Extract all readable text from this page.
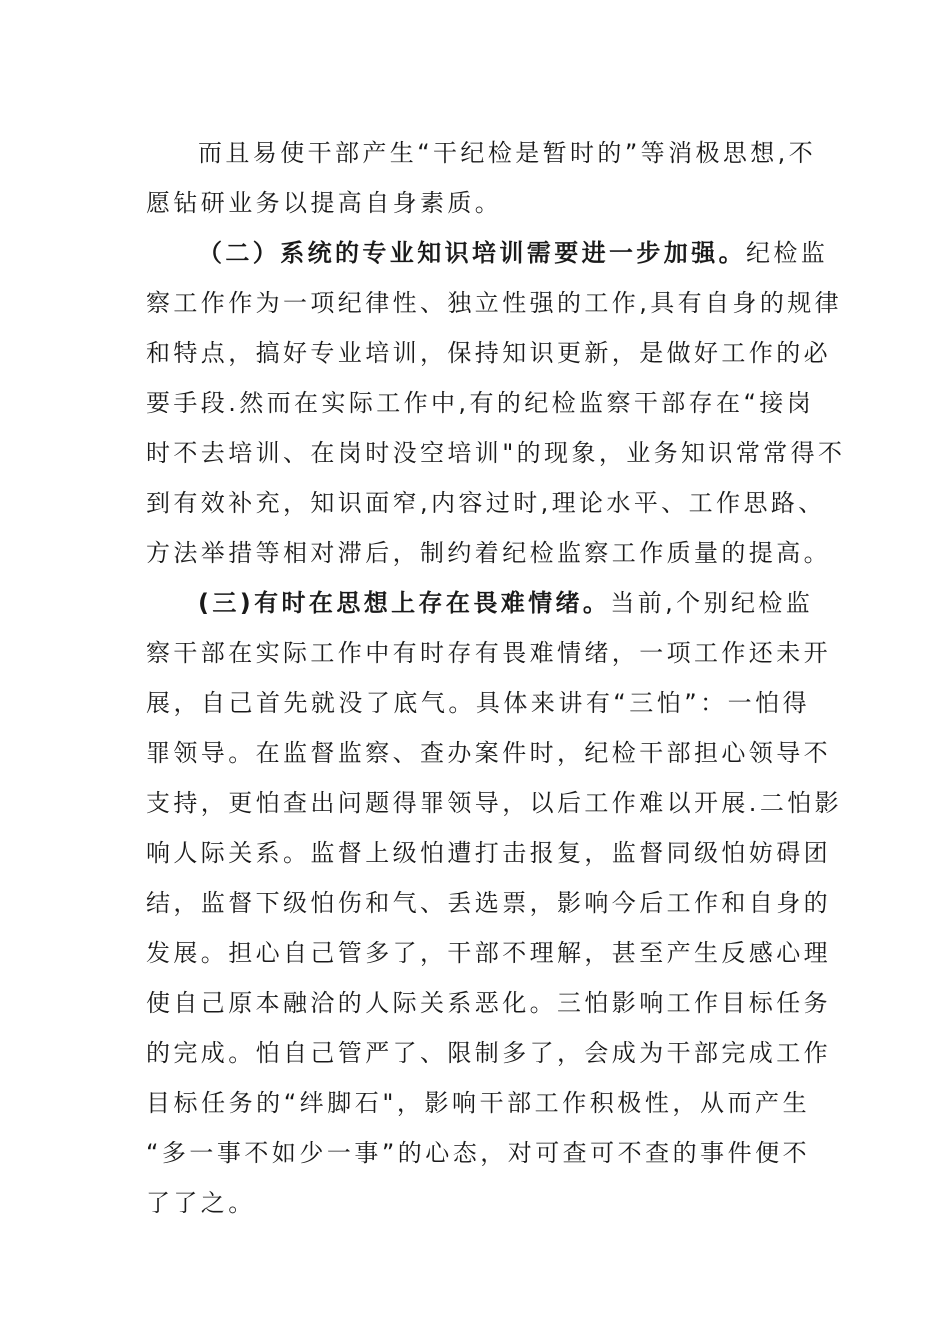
而且易使干部产生“干纪检是暂时的”等消极思想,不
愿钻研业务以提高自身素质。
（二）系统的专业知识培训需要进一步加强。纪检监
察工作作为一项纪律性、独立性强的工作,具有自身的规律
和特点，搞好专业培训，保持知识更新，是做好工作的必
要手段.然而在实际工作中,有的纪检监察干部存在“接岗
时不去培训、在岗时没空培训"的现象，业务知识常常得不
到有效补充，知识面窄,内容过时,理论水平、工作思路、
方法举措等相对滞后，制约着纪检监察工作质量的提高。
(三)有时在思想上存在畏难情绪。当前,个别纪检监
察干部在实际工作中有时存有畏难情绪，一项工作还未开
展，自己首先就没了底气。具体来讲有“三怕”：一怕得
罪领导。在监督监察、查办案件时，纪检干部担心领导不
支持，更怕查出问题得罪领导，以后工作难以开展.二怕影
响人际关系。监督上级怕遭打击报复，监督同级怕妨碍团
结，监督下级怕伤和气、丢选票，影响今后工作和自身的
发展。担心自己管多了，干部不理解，甚至产生反感心理
使自己原本融洽的人际关系恶化。三怕影响工作目标任务
的完成。怕自己管严了、限制多了，会成为干部完成工作
目标任务的“绊脚石"，影响干部工作积极性，从而产生
“多一事不如少一事”的心态，对可查可不查的事件便不
了了之。
